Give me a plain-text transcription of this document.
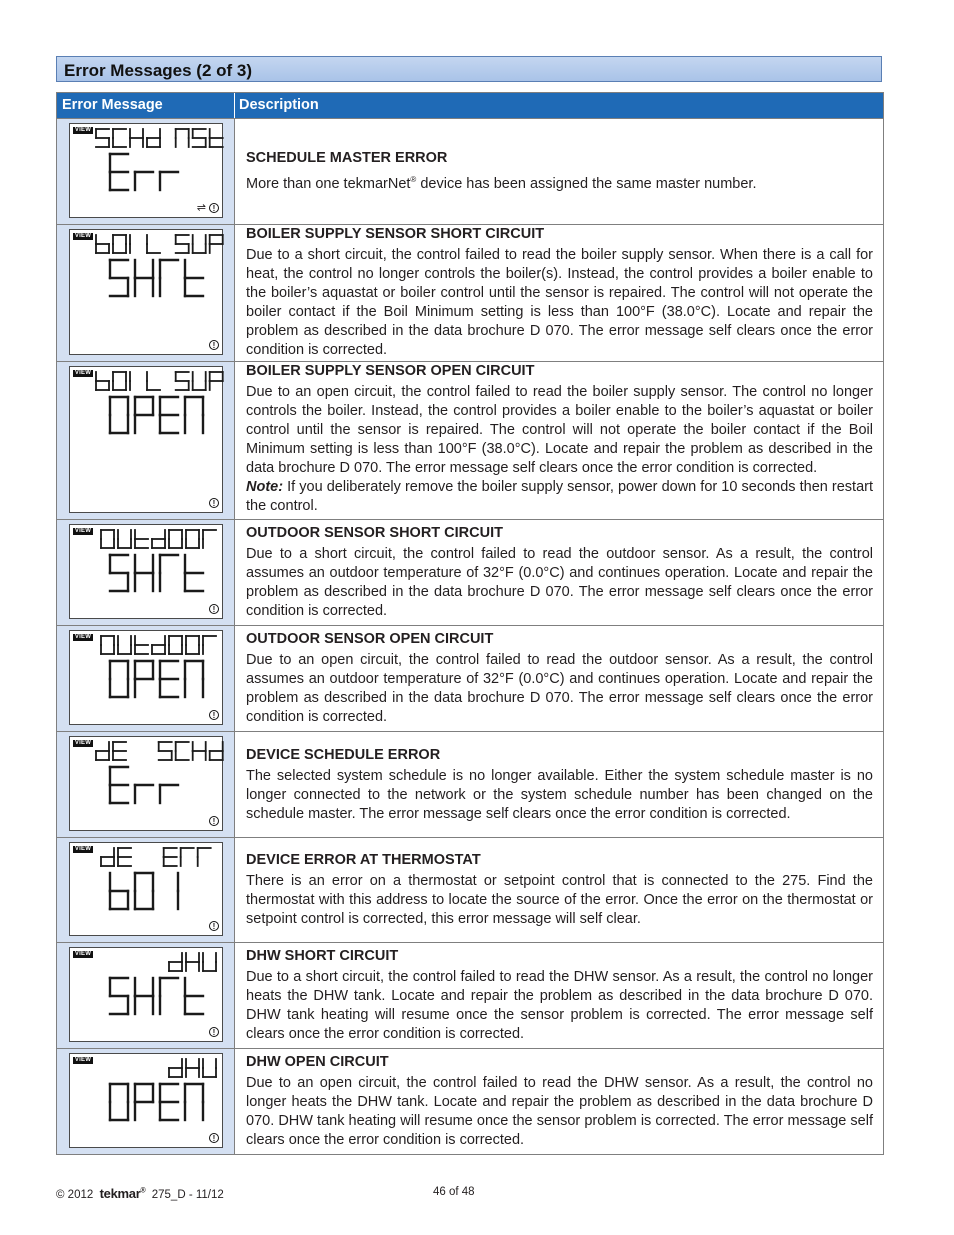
Error Messages (2 of 3)
Error Message	Description
VIEW
!
⇌
SCHEDULE MASTER ERROR

More than one tekmarNet® device has been assigned the same master number.

VIEW
!
BOILER SUPPLY SENSOR SHORT CIRCUIT

Due to a short circuit, the control failed to read the boiler supply sensor. When there is a call for heat, the control no longer controls the boiler(s). Instead, the control provides a boiler enable to the boiler’s aquastat or boiler control until the sensor is repaired. The control will not operate the boiler contact if the Boil Minimum setting is less than 100°F (38.0°C). Locate and repair the problem as described in the data brochure D 070. The error message self clears once the error condition is corrected.

VIEW
!
BOILER SUPPLY SENSOR OPEN CIRCUIT

Due to an open circuit, the control failed to read the boiler supply sensor. The control no longer controls the boiler. Instead, the control provides a boiler enable to the boiler’s aquastat or boiler control until the sensor is repaired. The control will not operate the boiler contact if the Boil Minimum setting is less than 100°F (38.0°C). Locate and repair the problem as described in the data brochure D 070. The error message self clears once the error condition is corrected.

Note: If you deliberately remove the boiler supply sensor, power down for 10 seconds then restart the control.

VIEW
!
OUTDOOR SENSOR SHORT CIRCUIT

Due to a short circuit, the control failed to read the outdoor sensor. As a result, the control assumes an outdoor temperature of 32°F (0.0°C) and continues operation. Locate and repair the problem as described in the data brochure D 070. The error message self clears once the error condition is corrected.

VIEW
!
OUTDOOR SENSOR OPEN CIRCUIT

Due to an open circuit, the control failed to read the outdoor sensor. As a result, the control assumes an outdoor temperature of 32°F (0.0°C) and continues operation. Locate and repair the problem as described in the data brochure D 070. The error message self clears once the error condition is corrected.

VIEW
!
DEVICE SCHEDULE ERROR

The selected system schedule is no longer available. Either the system schedule master is no longer connected to the network or the system schedule number has been changed on the schedule master. The error message self clears once the error condition is corrected.

VIEW
!
DEVICE ERROR AT THERMOSTAT

There is an error on a thermostat or setpoint control that is connected to the 275. Find the thermostat with this address to locate the source of the error. Once the error on the thermostat or setpoint control is corrected, this error message will self clear.

VIEW
!
DHW SHORT CIRCUIT

Due to a short circuit, the control failed to read the DHW sensor. As a result, the control no longer heats the DHW tank. Locate and repair the problem as described in the data brochure D 070. DHW tank heating will resume once the sensor problem is corrected. The error message self clears once the error condition is corrected.

VIEW
!
DHW OPEN CIRCUIT

Due to an open circuit, the control failed to read the DHW sensor. As a result, the control no longer heats the DHW tank. Locate and repair the problem as described in the data brochure D 070. DHW tank heating will resume once the sensor problem is corrected. The error message self clears once the error condition is corrected.

© 2012 tekmar® 275_D - 11/12	46 of 48
